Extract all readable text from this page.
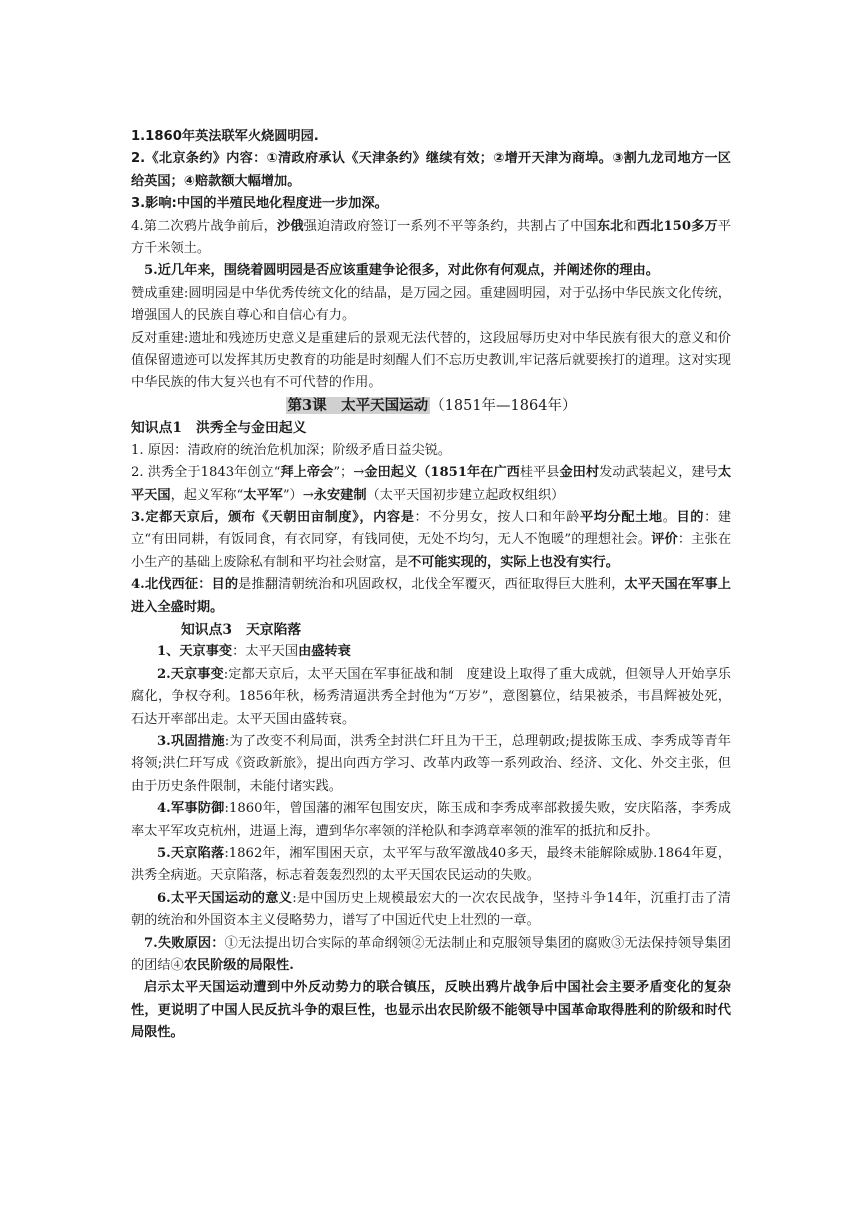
1.1860年英法联军火烧圆明园.

2.《北京条约》内容：①清政府承认《天津条约》继续有效；②增开天津为商埠。③割九龙司地方一区给英国；④赔款额大幅增加。

3.影响:中国的半殖民地化程度进一步加深。

4.第二次鸦片战争前后，沙俄强迫清政府签订一系列不平等条约，共割占了中国东北和西北150多万平方千米领土。

5.近几年来，围绕着圆明园是否应该重建争论很多，对此你有何观点，并阐述你的理由。

赞成重建:圆明园是中华优秀传统文化的结晶，是万园之园。重建圆明园，对于弘扬中华民族文化传统，增强国人的民族自尊心和自信心有力。

反对重建:遗址和残迹历史意义是重建后的景观无法代替的，这段屈辱历史对中华民族有很大的意义和价值保留遗迹可以发挥其历史教育的功能是时刻醒人们不忘历史教训,牢记落后就要挨打的道理。这对实现中华民族的伟大复兴也有不可代替的作用。

第3课　太平天国运动 （1851年—1864年）

知识点1 洪秀全与金田起义

1. 原因：清政府的统治危机加深；阶级矛盾日益尖锐。

2. 洪秀全于1843年创立“拜上帝会”；→金田起义（1851年在广西桂平县金田村发动武装起义，建号太平天国，起义军称“太平军”）→永安建制（太平天国初步建立起政权组织）

3.定都天京后，颁布《天朝田亩制度》，内容是：不分男女，按人口和年龄平均分配土地。目的：建立“有田同耕，有饭同食，有衣同穿，有钱同使，无处不均匀，无人不饱暖”的理想社会。评价：主张在小生产的基础上废除私有制和平均社会财富，是不可能实现的，实际上也没有实行。

4.北伐西征：目的是推翻清朝统治和巩固政权，北伐全军覆灭，西征取得巨大胜利，太平天国在军事上进入全盛时期。

知识点3 天京陷落

1、天京事变：太平天国由盛转衰

2.天京事变:定都天京后，太平天国在军事征战和制　度建设上取得了重大成就，但领导人开始享乐腐化，争权夺利。1856年秋，杨秀清逼洪秀全封他为“万岁”，意图篡位，结果被杀，韦昌辉被处死，石达开率部出走。太平天国由盛转衰。

3.巩固措施:为了改变不利局面，洪秀全封洪仁玕且为干王，总理朝政;提拔陈玉成、李秀成等青年将领;洪仁玕写成《资政新旅》，提出向西方学习、改革内政等一系列政治、经济、文化、外交主张，但由于历史条件限制，未能付诸实践。

4.军事防御:1860年，曾国藩的湘军包围安庆，陈玉成和李秀成率部救援失败，安庆陷落，李秀成率太平军攻克杭州，进逼上海，遭到华尔率领的洋枪队和李鸿章率领的淮军的抵抗和反扑。

5.天京陷落:1862年，湘军围困天京，太平军与敌军激战40多天，最终未能解除威胁.1864年夏，洪秀全病逝。天京陷落，标志着轰轰烈烈的太平天国农民运动的失败。

6.太平天国运动的意义:是中国历史上规模最宏大的一次农民战争，坚持斗争14年，沉重打击了清朝的统治和外国资本主义侵略势力，谱写了中国近代史上壮烈的一章。

7.失败原因：①无法提出切合实际的革命纲领②无法制止和克服领导集团的腐败③无法保持领导集团的团结④农民阶级的局限性.

启示太平天国运动遭到中外反动势力的联合镇压，反映出鸦片战争后中国社会主要矛盾变化的复杂性，更说明了中国人民反抗斗争的艰巨性，也显示出农民阶级不能领导中国革命取得胜利的阶级和时代局限性。
